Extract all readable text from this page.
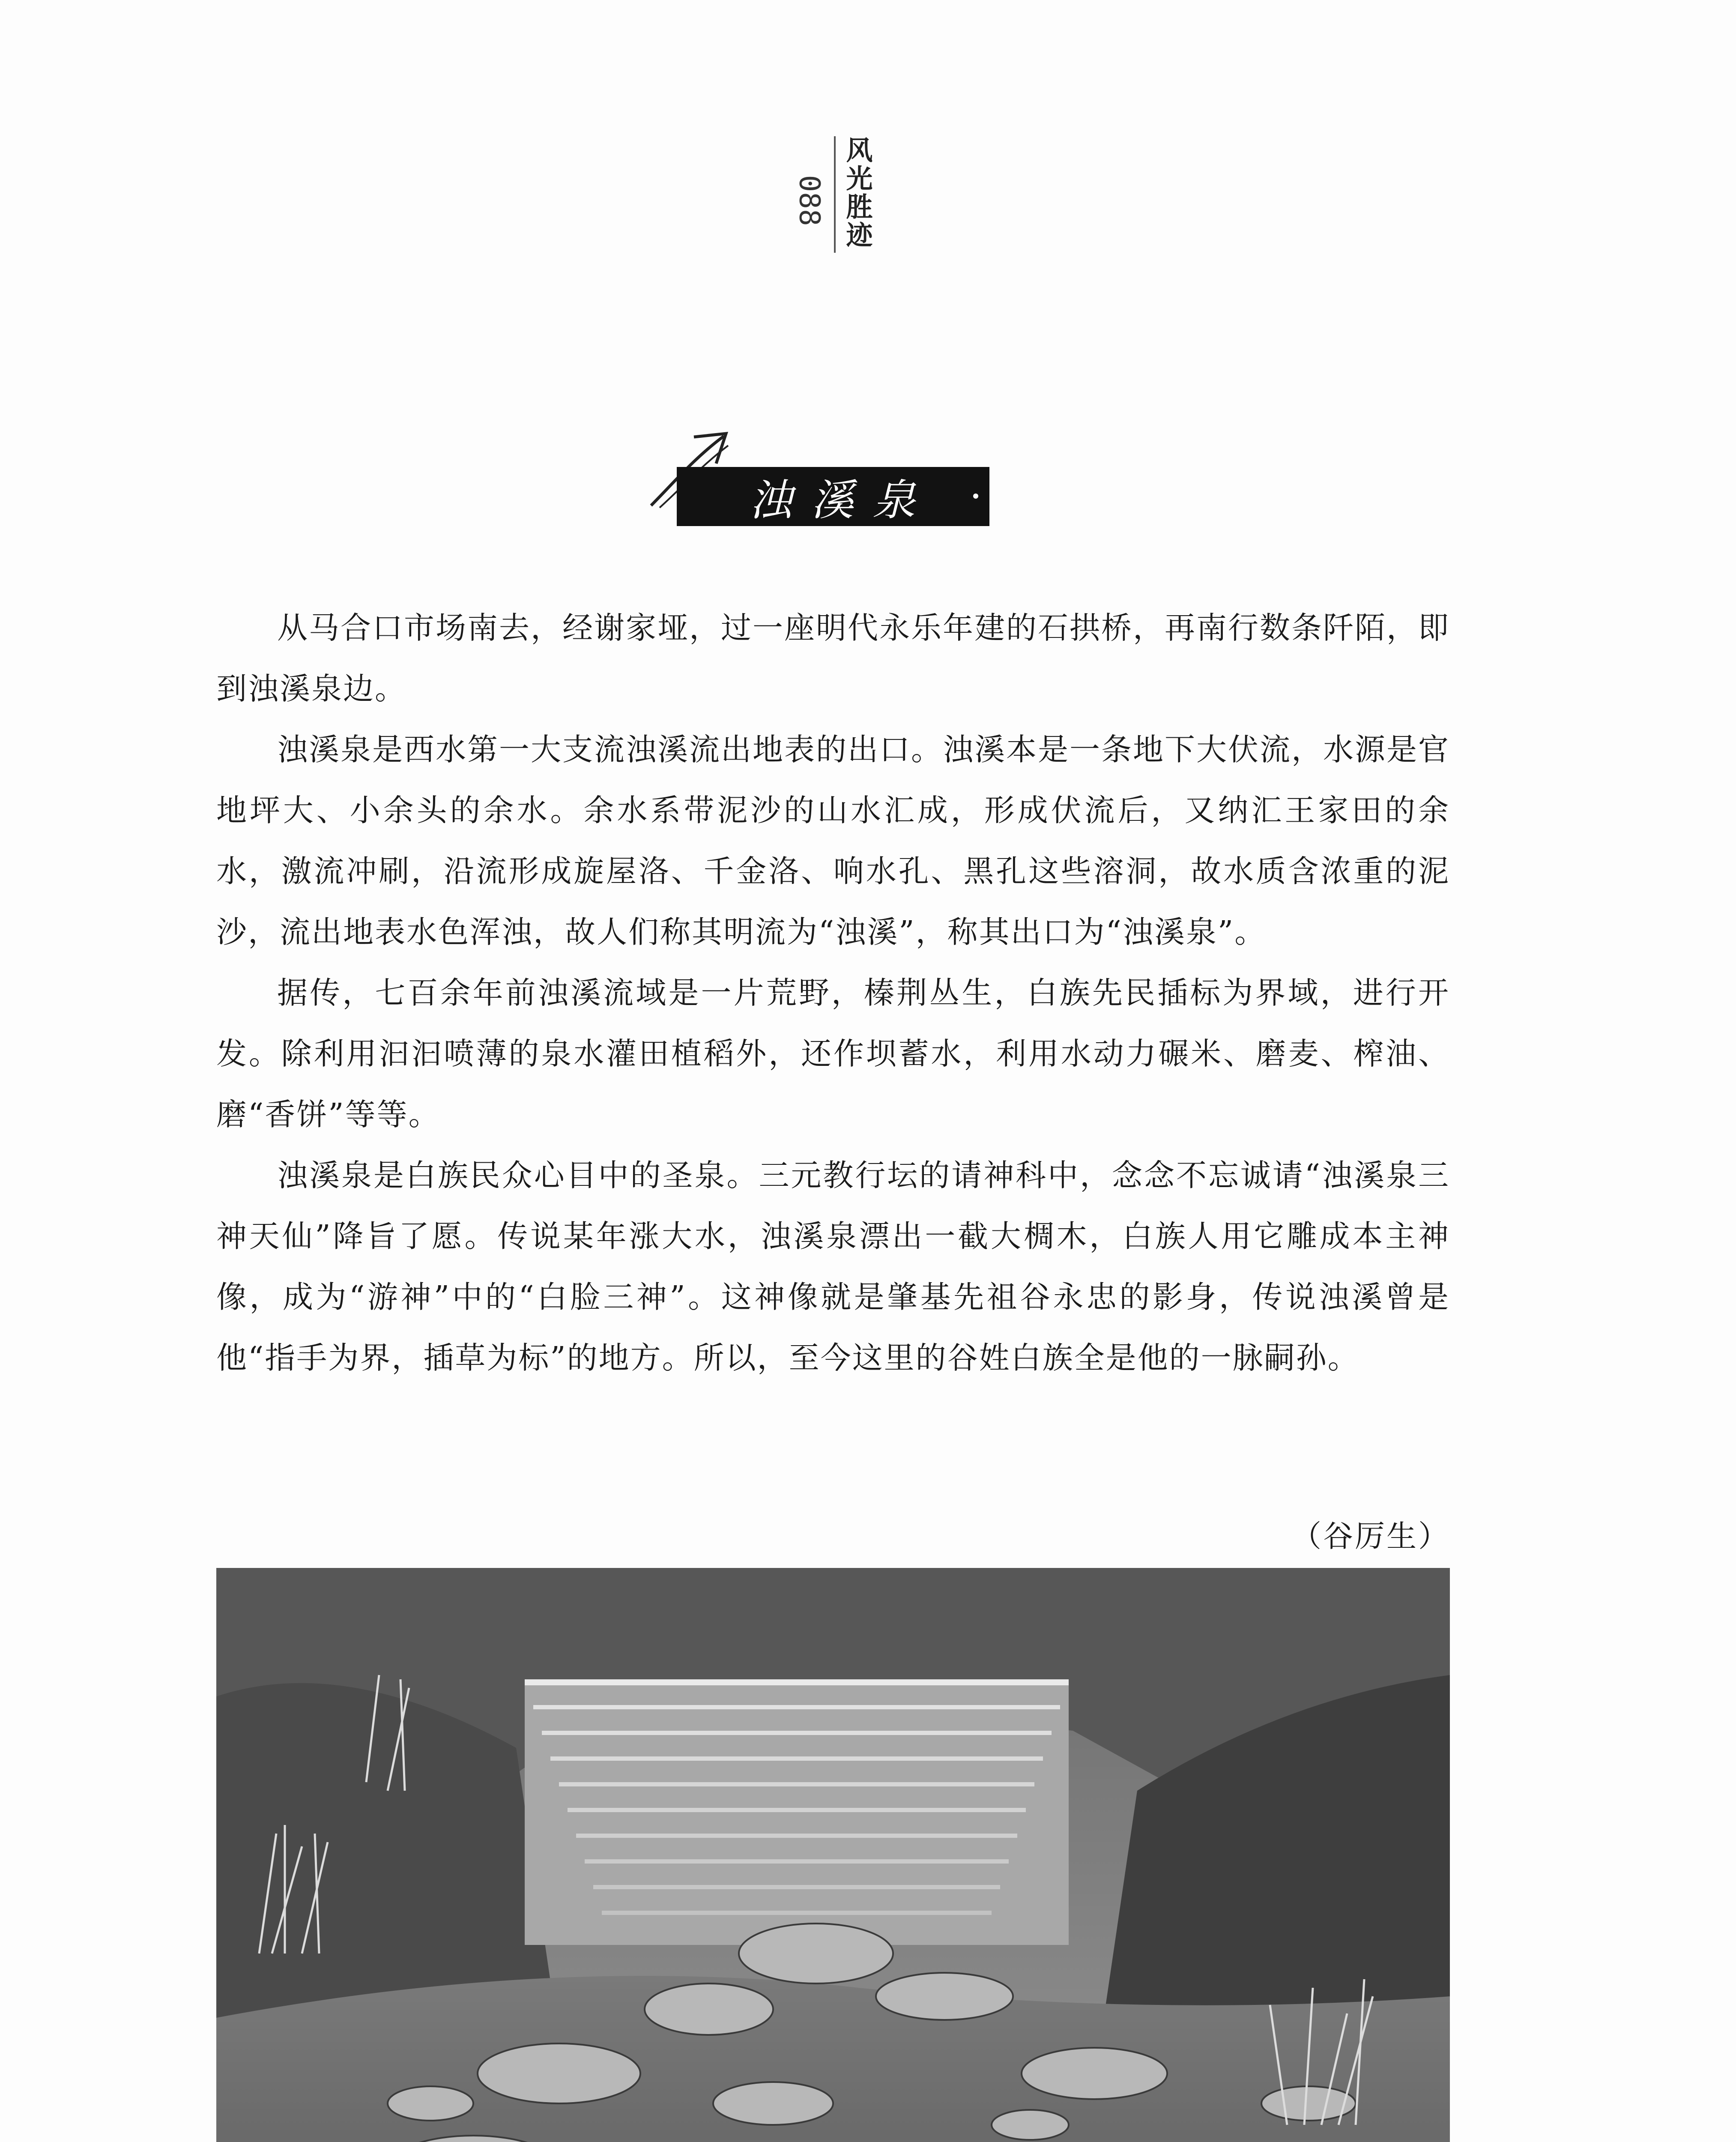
088 风光胜迹
浊溪泉

从马合口市场南去，经谢家垭，过一座明代永乐年建的石拱桥，再南行数条阡陌，即到浊溪泉边。

浊溪泉是西水第一大支流浊溪流出地表的出口。浊溪本是一条地下大伏流，水源是官地坪大、小余头的余水。余水系带泥沙的山水汇成，形成伏流后，又纳汇王家田的余水，激流冲刷，沿流形成旋屋洛、千金洛、响水孔、黑孔这些溶洞，故水质含浓重的泥沙，流出地表水色浑浊，故人们称其明流为“浊溪”，称其出口为“浊溪泉”。

据传，七百余年前浊溪流域是一片荒野，榛荆丛生，白族先民插标为界域，进行开发。除利用汩汩喷薄的泉水灌田植稻外，还作坝蓄水，利用水动力碾米、磨麦、榨油、磨“香饼”等等。

浊溪泉是白族民众心目中的圣泉。三元教行坛的请神科中，念念不忘诚请“浊溪泉三神天仙”降旨了愿。传说某年涨大水，浊溪泉漂出一截大椆木，白族人用它雕成本主神像，成为“游神”中的“白脸三神”。这神像就是肇基先祖谷永忠的影身，传说浊溪曾是他“指手为界，插草为标”的地方。所以，至今这里的谷姓白族全是他的一脉嗣孙。

（谷厉生）
